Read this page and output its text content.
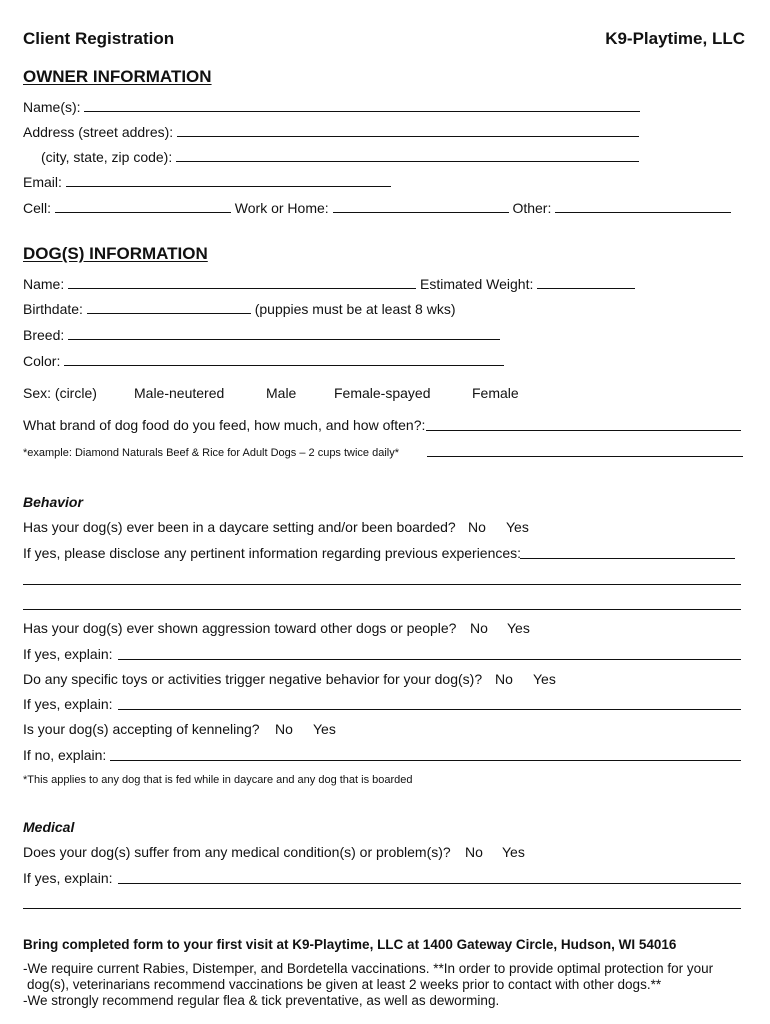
Client Registration	K9-Playtime, LLC
OWNER INFORMATION
Name(s):
Address (street addres):
(city, state, zip code):
Email:
Cell:	Work or Home:	Other:
DOG(S) INFORMATION
Name:	Estimated Weight:
Birthdate:	(puppies must be at least 8 wks)
Breed:
Color:
Sex: (circle)	Male-neutered	Male	Female-spayed	Female
What brand of dog food do you feed, how much, and how often?:
*example: Diamond Naturals Beef & Rice for Adult Dogs – 2 cups twice daily*
Behavior
Has your dog(s) ever been in a daycare setting and/or been boarded? No Yes
If yes, please disclose any pertinent information regarding previous experiences:
Has your dog(s) ever shown aggression toward other dogs or people? No Yes
If yes, explain:
Do any specific toys or activities trigger negative behavior for your dog(s)? No Yes
If yes, explain:
Is your dog(s) accepting of kenneling? No Yes
If no, explain:
*This applies to any dog that is fed while in daycare and any dog that is boarded
Medical
Does your dog(s) suffer from any medical condition(s) or problem(s)? No Yes
If yes, explain:
Bring completed form to your first visit at K9-Playtime, LLC at 1400 Gateway Circle, Hudson, WI 54016
-We require current Rabies, Distemper, and Bordetella vaccinations. **In order to provide optimal protection for your
dog(s), veterinarians recommend vaccinations be given at least 2 weeks prior to contact with other dogs.**
-We strongly recommend regular flea & tick preventative, as well as deworming.
